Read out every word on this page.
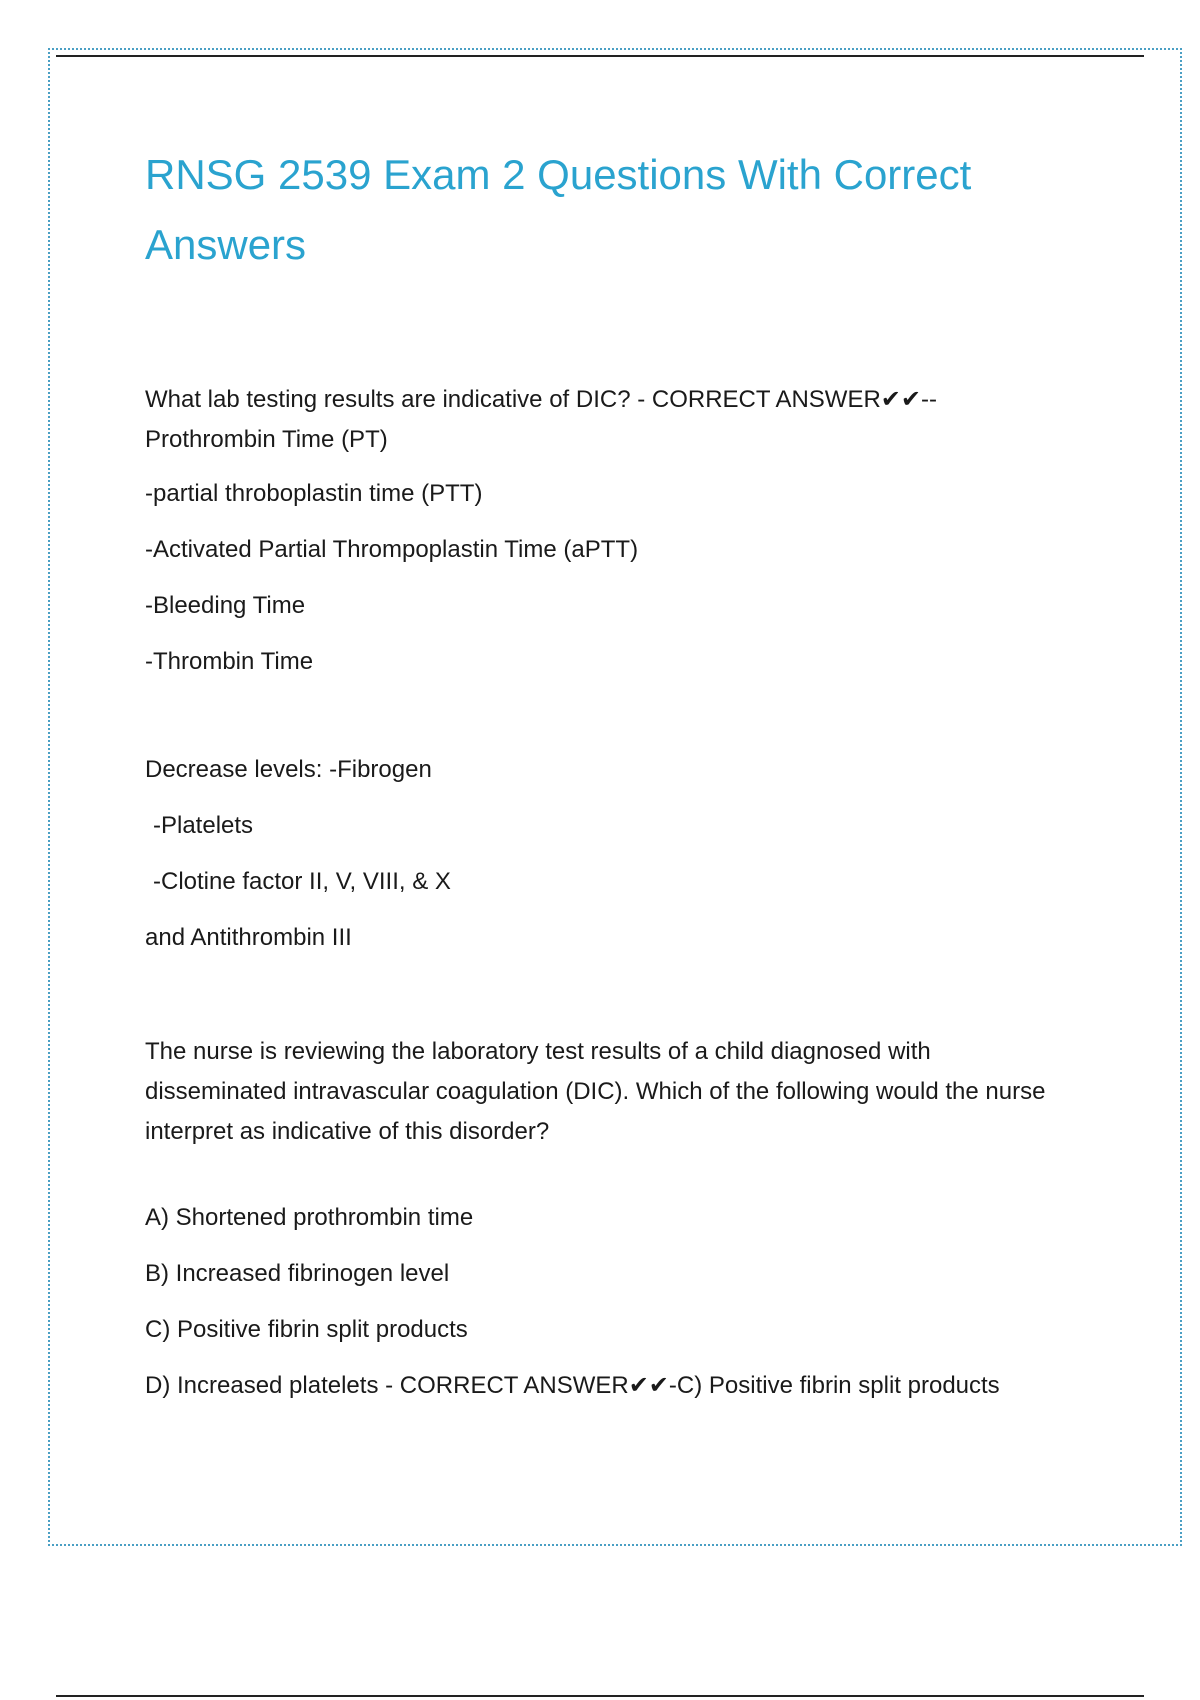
RNSG 2539 Exam 2 Questions With Correct Answers

What lab testing results are indicative of DIC? - CORRECT ANSWER✔✔--
Prothrombin Time (PT)

-partial throboplastin time (PTT)

-Activated Partial Thrompoplastin Time (aPTT)

-Bleeding Time

-Thrombin Time

Decrease levels: -Fibrogen

-Platelets

-Clotine factor II, V, VIII, & X

and Antithrombin III

The nurse is reviewing the laboratory test results of a child diagnosed with disseminated intravascular coagulation (DIC). Which of the following would the nurse interpret as indicative of this disorder?

A) Shortened prothrombin time

B) Increased fibrinogen level

C) Positive fibrin split products

D) Increased platelets - CORRECT ANSWER✔✔-C) Positive fibrin split products
